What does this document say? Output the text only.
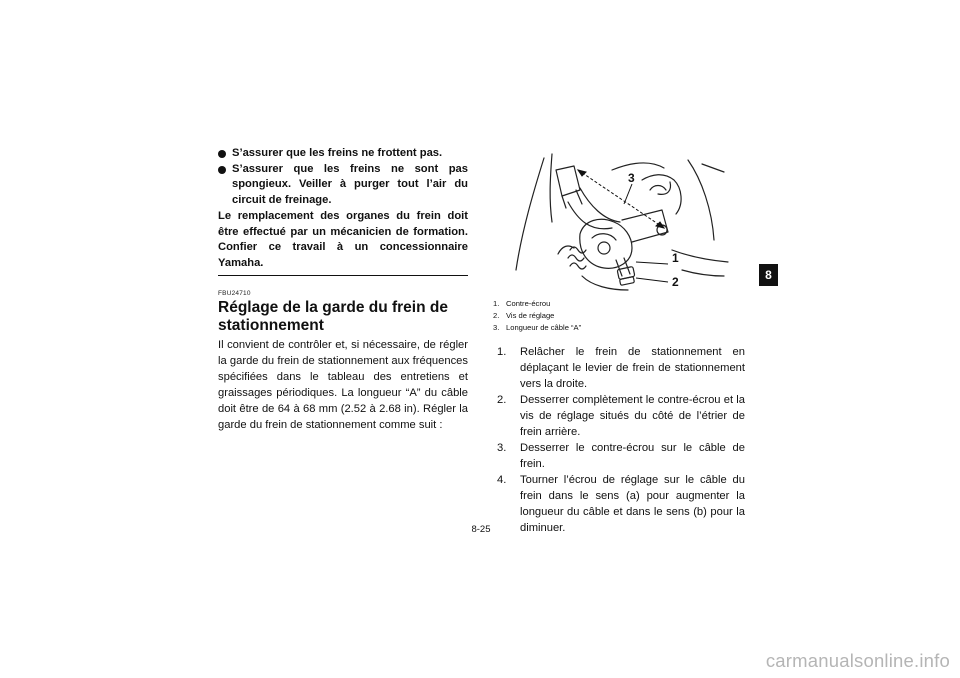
S’assurer que les freins ne frottent pas.
S’assurer que les freins ne sont pas spongieux. Veiller à purger tout l’air du circuit de freinage.
Le remplacement des organes du frein doit être effectué par un mécanicien de formation. Confier ce travail à un concessionnaire Yamaha.
FBU24710
Réglage de la garde du frein de stationnement
Il convient de contrôler et, si nécessaire, de régler la garde du frein de stationnement aux fréquences spécifiées dans le tableau des entretiens et graissages périodiques. La longueur “A” du câble doit être de 64 à 68 mm (2.52 à 2.68 in). Régler la garde du frein de stationnement comme suit :
3
1
2
1. Contre-écrou
2. Vis de réglage
3. Longueur de câble “A”
1.	Relâcher le frein de stationnement en déplaçant le levier de frein de stationnement vers la droite.
2.	Desserrer complètement le contre-écrou et la vis de réglage situés du côté de l’étrier de frein arrière.
3.	Desserrer le contre-écrou sur le câble de frein.
4.	Tourner l’écrou de réglage sur le câble du frein dans le sens (a) pour augmenter la longueur du câble et dans le sens (b) pour la diminuer.
8-25
8
carmanualsonline.info
